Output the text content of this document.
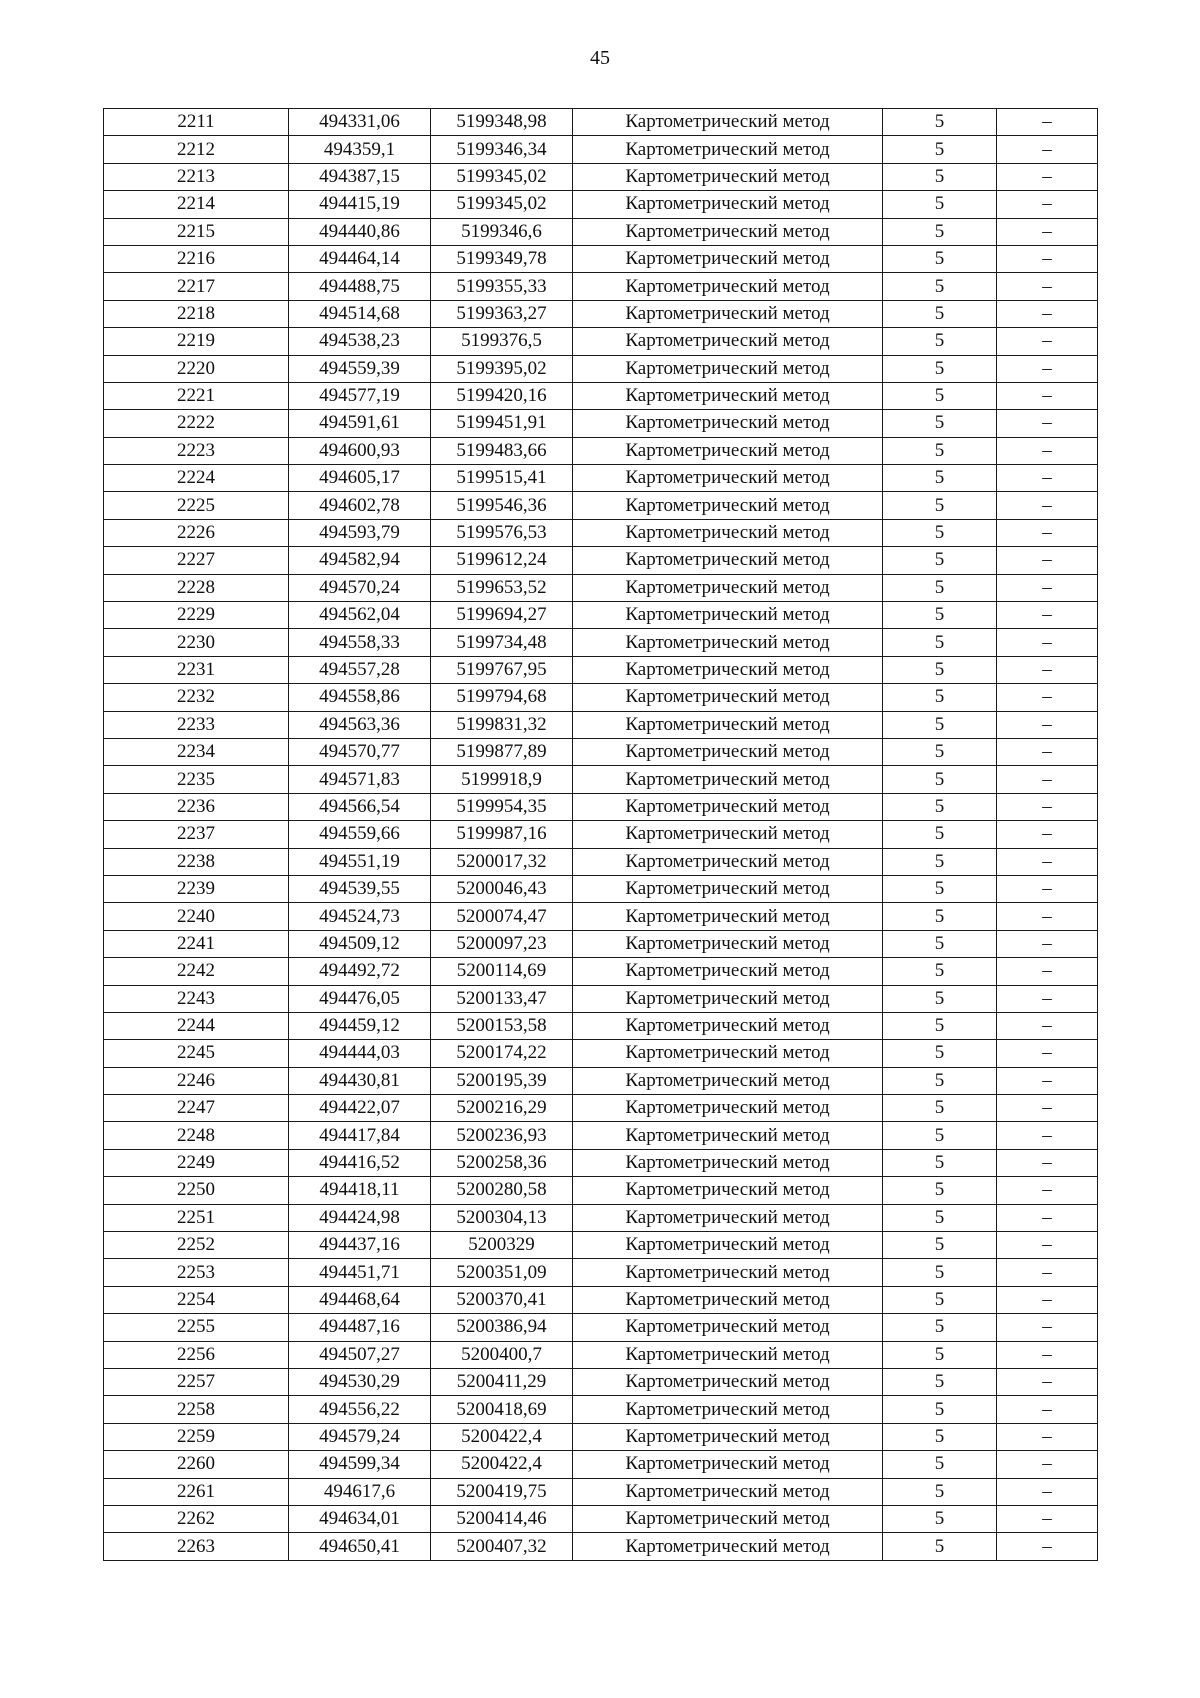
45
2211	494331,06	5199348,98	Картометрический метод	5	–
2212	494359,1	5199346,34	Картометрический метод	5	–
2213	494387,15	5199345,02	Картометрический метод	5	–
2214	494415,19	5199345,02	Картометрический метод	5	–
2215	494440,86	5199346,6	Картометрический метод	5	–
2216	494464,14	5199349,78	Картометрический метод	5	–
2217	494488,75	5199355,33	Картометрический метод	5	–
2218	494514,68	5199363,27	Картометрический метод	5	–
2219	494538,23	5199376,5	Картометрический метод	5	–
2220	494559,39	5199395,02	Картометрический метод	5	–
2221	494577,19	5199420,16	Картометрический метод	5	–
2222	494591,61	5199451,91	Картометрический метод	5	–
2223	494600,93	5199483,66	Картометрический метод	5	–
2224	494605,17	5199515,41	Картометрический метод	5	–
2225	494602,78	5199546,36	Картометрический метод	5	–
2226	494593,79	5199576,53	Картометрический метод	5	–
2227	494582,94	5199612,24	Картометрический метод	5	–
2228	494570,24	5199653,52	Картометрический метод	5	–
2229	494562,04	5199694,27	Картометрический метод	5	–
2230	494558,33	5199734,48	Картометрический метод	5	–
2231	494557,28	5199767,95	Картометрический метод	5	–
2232	494558,86	5199794,68	Картометрический метод	5	–
2233	494563,36	5199831,32	Картометрический метод	5	–
2234	494570,77	5199877,89	Картометрический метод	5	–
2235	494571,83	5199918,9	Картометрический метод	5	–
2236	494566,54	5199954,35	Картометрический метод	5	–
2237	494559,66	5199987,16	Картометрический метод	5	–
2238	494551,19	5200017,32	Картометрический метод	5	–
2239	494539,55	5200046,43	Картометрический метод	5	–
2240	494524,73	5200074,47	Картометрический метод	5	–
2241	494509,12	5200097,23	Картометрический метод	5	–
2242	494492,72	5200114,69	Картометрический метод	5	–
2243	494476,05	5200133,47	Картометрический метод	5	–
2244	494459,12	5200153,58	Картометрический метод	5	–
2245	494444,03	5200174,22	Картометрический метод	5	–
2246	494430,81	5200195,39	Картометрический метод	5	–
2247	494422,07	5200216,29	Картометрический метод	5	–
2248	494417,84	5200236,93	Картометрический метод	5	–
2249	494416,52	5200258,36	Картометрический метод	5	–
2250	494418,11	5200280,58	Картометрический метод	5	–
2251	494424,98	5200304,13	Картометрический метод	5	–
2252	494437,16	5200329	Картометрический метод	5	–
2253	494451,71	5200351,09	Картометрический метод	5	–
2254	494468,64	5200370,41	Картометрический метод	5	–
2255	494487,16	5200386,94	Картометрический метод	5	–
2256	494507,27	5200400,7	Картометрический метод	5	–
2257	494530,29	5200411,29	Картометрический метод	5	–
2258	494556,22	5200418,69	Картометрический метод	5	–
2259	494579,24	5200422,4	Картометрический метод	5	–
2260	494599,34	5200422,4	Картометрический метод	5	–
2261	494617,6	5200419,75	Картометрический метод	5	–
2262	494634,01	5200414,46	Картометрический метод	5	–
2263	494650,41	5200407,32	Картометрический метод	5	–
